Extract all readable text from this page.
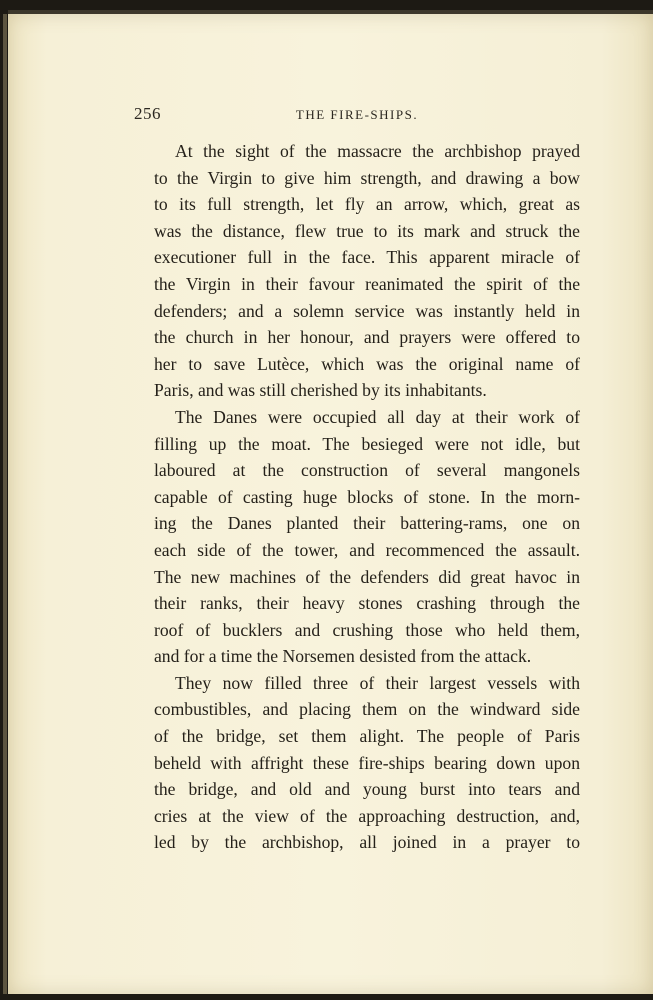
256	THE FIRE-SHIPS.
At the sight of the massacre the archbishop prayed
to the Virgin to give him strength, and drawing a bow
to its full strength, let fly an arrow, which, great as
was the distance, flew true to its mark and struck the
executioner full in the face. This apparent miracle of
the Virgin in their favour reanimated the spirit of the
defenders; and a solemn service was instantly held in
the church in her honour, and prayers were offered to
her to save Lutèce, which was the original name of
Paris, and was still cherished by its inhabitants.
The Danes were occupied all day at their work of
filling up the moat. The besieged were not idle, but
laboured at the construction of several mangonels
capable of casting huge blocks of stone. In the morn-
ing the Danes planted their battering-rams, one on
each side of the tower, and recommenced the assault.
The new machines of the defenders did great havoc in
their ranks, their heavy stones crashing through the
roof of bucklers and crushing those who held them,
and for a time the Norsemen desisted from the attack.
They now filled three of their largest vessels with
combustibles, and placing them on the windward side
of the bridge, set them alight. The people of Paris
beheld with affright these fire-ships bearing down upon
the bridge, and old and young burst into tears and
cries at the view of the approaching destruction, and,
led by the archbishop, all joined in a prayer to
